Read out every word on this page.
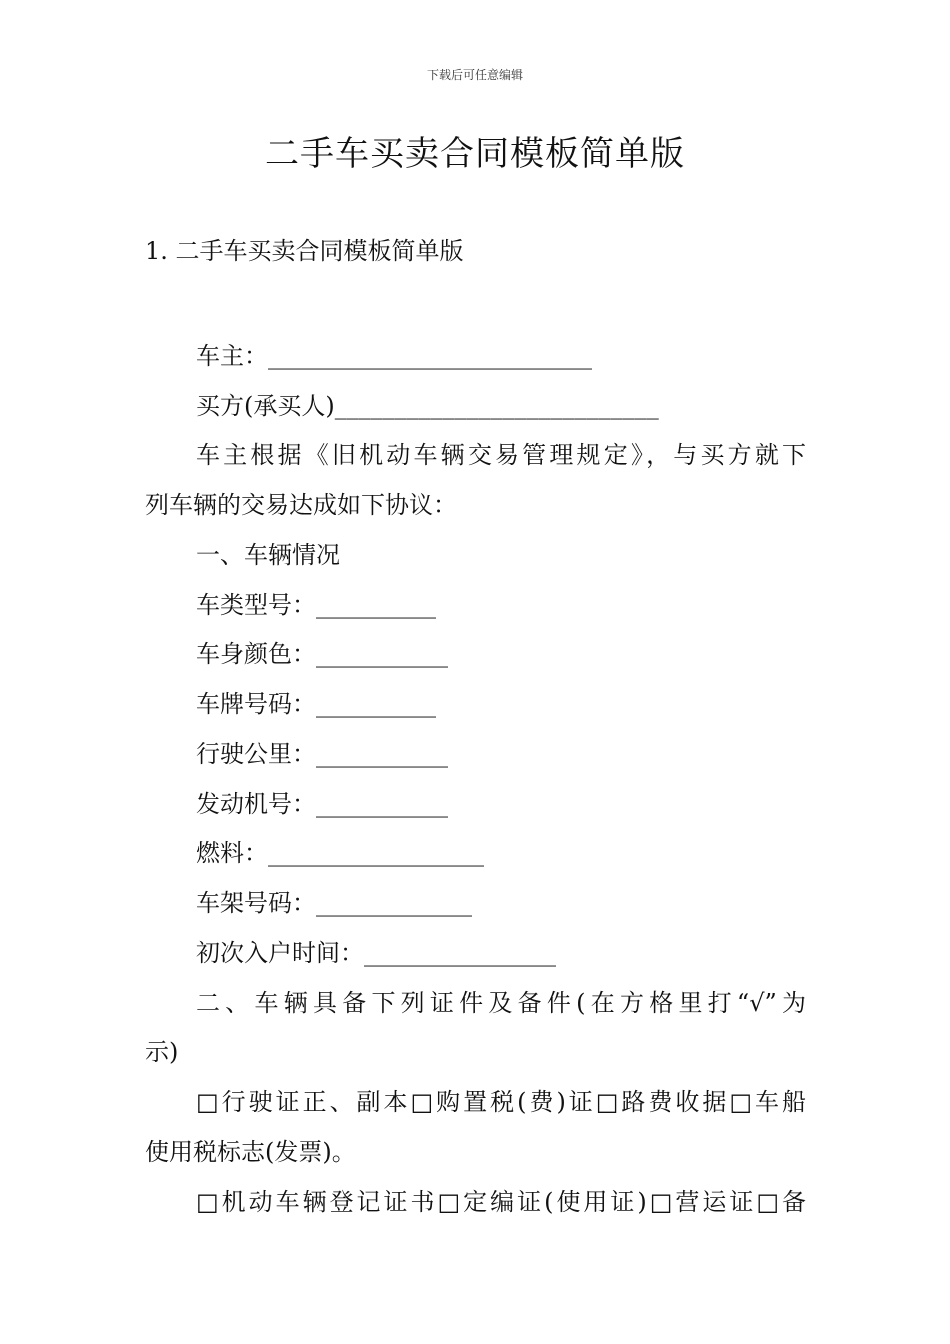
下载后可任意编辑
二手车买卖合同模板简单版
1. 二手车买卖合同模板简单版
车主：___________________________
买方(承买人)___________________________
车主根据《旧机动车辆交易管理规定》，与买方就下
列车辆的交易达成如下协议：
一、车辆情况
车类型号：__________
车身颜色：___________
车牌号码：__________
行驶公里：___________
发动机号：___________
燃料：__________________
车架号码：_____________
初次入户时间：________________
二、车辆具备下列证件及备件(在方格里打“√”为
示)
□行驶证正、副本□购置税(费)证□路费收据□车船
使用税标志(发票)。
□机动车辆登记证书□定编证(使用证)□营运证□备
